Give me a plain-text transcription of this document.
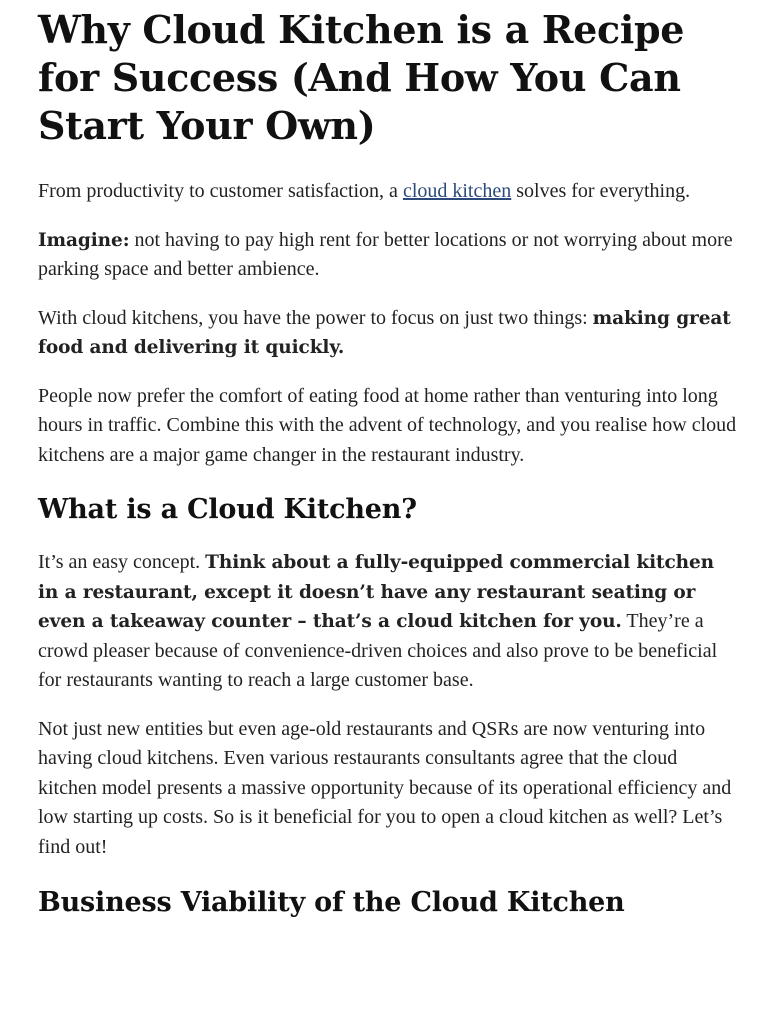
Why Cloud Kitchen is a Recipe for Success (And How You Can Start Your Own)

From productivity to customer satisfaction, a cloud kitchen solves for everything.

Imagine: not having to pay high rent for better locations or not worrying about more parking space and better ambience.

With cloud kitchens, you have the power to focus on just two things: making great food and delivering it quickly.

People now prefer the comfort of eating food at home rather than venturing into long hours in traffic. Combine this with the advent of technology, and you realise how cloud kitchens are a major game changer in the restaurant industry.

What is a Cloud Kitchen?

It’s an easy concept. Think about a fully-equipped commercial kitchen in a restaurant, except it doesn’t have any restaurant seating or even a takeaway counter – that’s a cloud kitchen for you. They’re a crowd pleaser because of convenience-driven choices and also prove to be beneficial for restaurants wanting to reach a large customer base.

Not just new entities but even age-old restaurants and QSRs are now venturing into having cloud kitchens. Even various restaurants consultants agree that the cloud kitchen model presents a massive opportunity because of its operational efficiency and low starting up costs. So is it beneficial for you to open a cloud kitchen as well? Let’s find out!

Business Viability of the Cloud Kitchen
